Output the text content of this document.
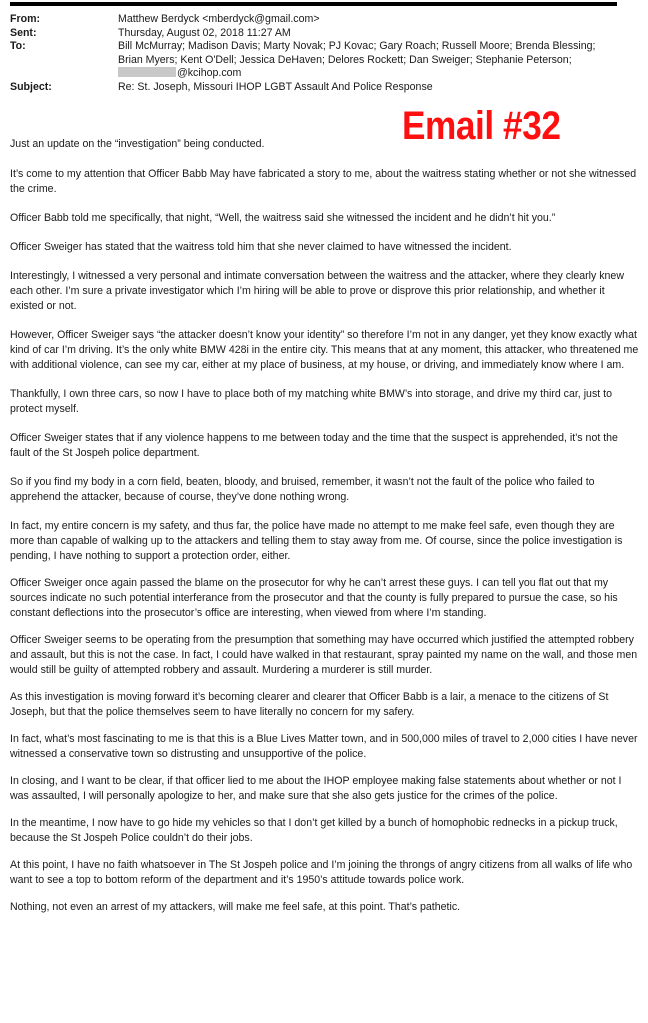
From:	Matthew Berdyck <mberdyck@gmail.com>
Sent:	Thursday, August 02, 2018 11:27 AM
To:	Bill McMurray; Madison Davis; Marty Novak; PJ Kovac; Gary Roach; Russell Moore; Brenda Blessing;
Brian Myers; Kent O'Dell; Jessica DeHaven; Delores Rockett; Dan Sweiger; Stephanie Peterson;
@kcihop.com
Subject:	Re: St. Joseph, Missouri IHOP LGBT Assault And Police Response
Email #32

Just an update on the “investigation” being conducted.

It’s come to my attention that Officer Babb May have fabricated a story to me, about the waitress stating whether or not she witnessed the crime.

Officer Babb told me specifically, that night, “Well, the waitress said she witnessed the incident and he didn’t hit you.”

Officer Sweiger has stated that the waitress told him that she never claimed to have witnessed the incident.

Interestingly, I witnessed a very personal and intimate conversation between the waitress and the attacker, where they clearly knew each other. I’m sure a private investigator which I’m hiring will be able to prove or disprove this prior relationship, and whether it existed or not.

However, Officer Sweiger says “the attacker doesn’t know your identity” so therefore I’m not in any danger, yet they know exactly what kind of car I’m driving. It’s the only white BMW 428i in the entire city. This means that at any moment, this attacker, who threatened me with additional violence, can see my car, either at my place of business, at my house, or driving, and immediately know where I am.

Thankfully, I own three cars, so now I have to place both of my matching white BMW’s into storage, and drive my third car, just to protect myself.

Officer Sweiger states that if any violence happens to me between today and the time that the suspect is apprehended, it’s not the fault of the St Jospeh police department.

So if you find my body in a corn field, beaten, bloody, and bruised, remember, it wasn’t not the fault of the police who failed to apprehend the attacker, because of course, they’ve done nothing wrong.

In fact, my entire concern is my safety, and thus far, the police have made no attempt to me make feel safe, even though they are more than capable of walking up to the attackers and telling them to stay away from me. Of course, since the police investigation is pending, I have nothing to support a protection order, either.

Officer Sweiger once again passed the blame on the prosecutor for why he can’t arrest these guys. I can tell you flat out that my sources indicate no such potential interferance from the prosecutor and that the county is fully prepared to pursue the case, so his constant deflections into the prosecutor’s office are interesting, when viewed from where I’m standing.

Officer Sweiger seems to be operating from the presumption that something may have occurred which justified the attempted robbery and assault, but this is not the case. In fact, I could have walked in that restaurant, spray painted my name on the wall, and those men would still be guilty of attempted robbery and assault. Murdering a murderer is still murder.

As this investigation is moving forward it’s becoming clearer and clearer that Officer Babb is a lair, a menace to the citizens of St Joseph, but that the police themselves seem to have literally no concern for my safery.

In fact, what’s most fascinating to me is that this is a Blue Lives Matter town, and in 500,000 miles of travel to 2,000 cities I have never witnessed a conservative town so distrusting and unsupportive of the police.

In closing, and I want to be clear, if that officer lied to me about the IHOP employee making false statements about whether or not I was assaulted, I will personally apologize to her, and make sure that she also gets justice for the crimes of the police.

In the meantime, I now have to go hide my vehicles so that I don’t get killed by a bunch of homophobic rednecks in a pickup truck, because the St Jospeh Police couldn’t do their jobs.

At this point, I have no faith whatsoever in The St Jospeh police and I’m joining the throngs of angry citizens from all walks of life who want to see a top to bottom reform of the department and it’s 1950’s attitude towards police work.

Nothing, not even an arrest of my attackers, will make me feel safe, at this point. That’s pathetic.
